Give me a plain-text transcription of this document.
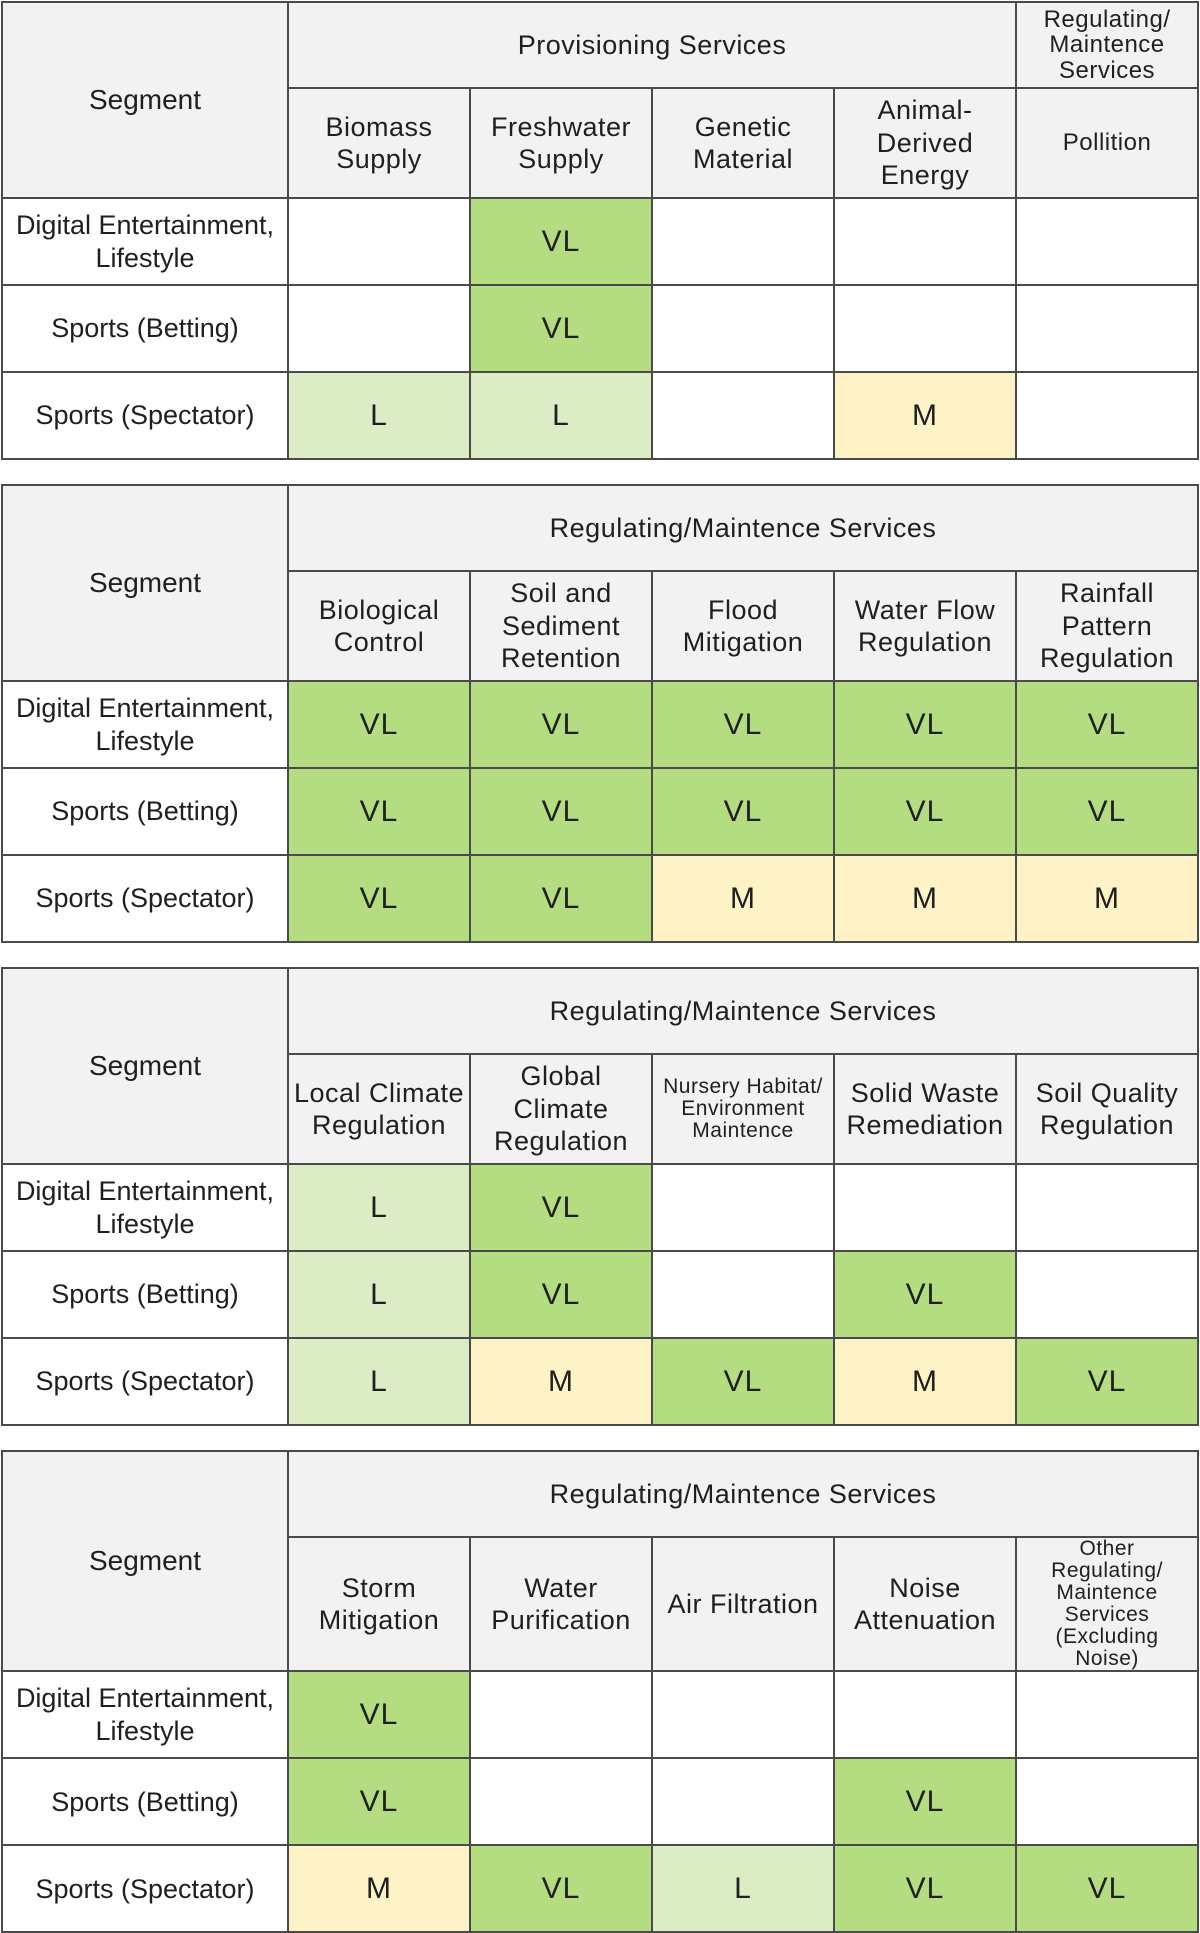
Segment	Provisioning Services				Regulating/ Maintence Services
	Biomass Supply	Freshwater Supply	Genetic Material	Animal-Derived Energy	Pollition
Digital Entertainment, Lifestyle		VL			
Sports (Betting)		VL			
Sports (Spectator)	L	L		M	
Segment	Regulating/Maintence Services				
	Biological Control	Soil and Sediment Retention	Flood Mitigation	Water Flow Regulation	Rainfall Pattern Regulation
Digital Entertainment, Lifestyle	VL	VL	VL	VL	VL
Sports (Betting)	VL	VL	VL	VL	VL
Sports (Spectator)	VL	VL	M	M	M
Segment	Regulating/Maintence Services				
	Local Climate Regulation	Global Climate Regulation	Nursery Habitat/ Environment Maintence	Solid Waste Remediation	Soil Quality Regulation
Digital Entertainment, Lifestyle	L	VL			
Sports (Betting)	L	VL		VL	
Sports (Spectator)	L	M	VL	M	VL
Segment	Regulating/Maintence Services				
	Storm Mitigation	Water Purification	Air Filtration	Noise Attenuation	Other Regulating/ Maintence Services (Excluding Noise)
Digital Entertainment, Lifestyle	VL				
Sports (Betting)	VL			VL	
Sports (Spectator)	M	VL	L	VL	VL
